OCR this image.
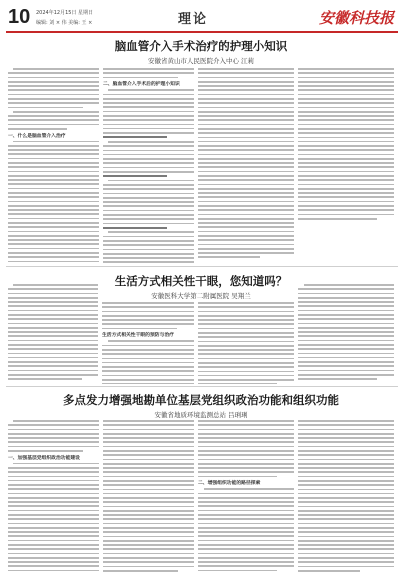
10 2024年12月15日 星期日
编辑: 刘 × 伟 美编: 王 ×	理论	安徽科技报
脑血管介入手术治疗的护理小知识
安徽省黄山市人民医院介入中心 江莉
一、什么是脑血管介入治疗
二、脑血管介入手术后的护理小知识
生活方式相关性干眼，您知道吗？
安徽医科大学第二附属医院 吴翔兰
生活方式相关性干眼的预防与治疗
多点发力增强地勘单位基层党组织政治功能和组织功能
安徽省地质环境监测总站 吕琍琍
一、加强基层党组织政治功能建设
二、增强组织功能的路径探索
